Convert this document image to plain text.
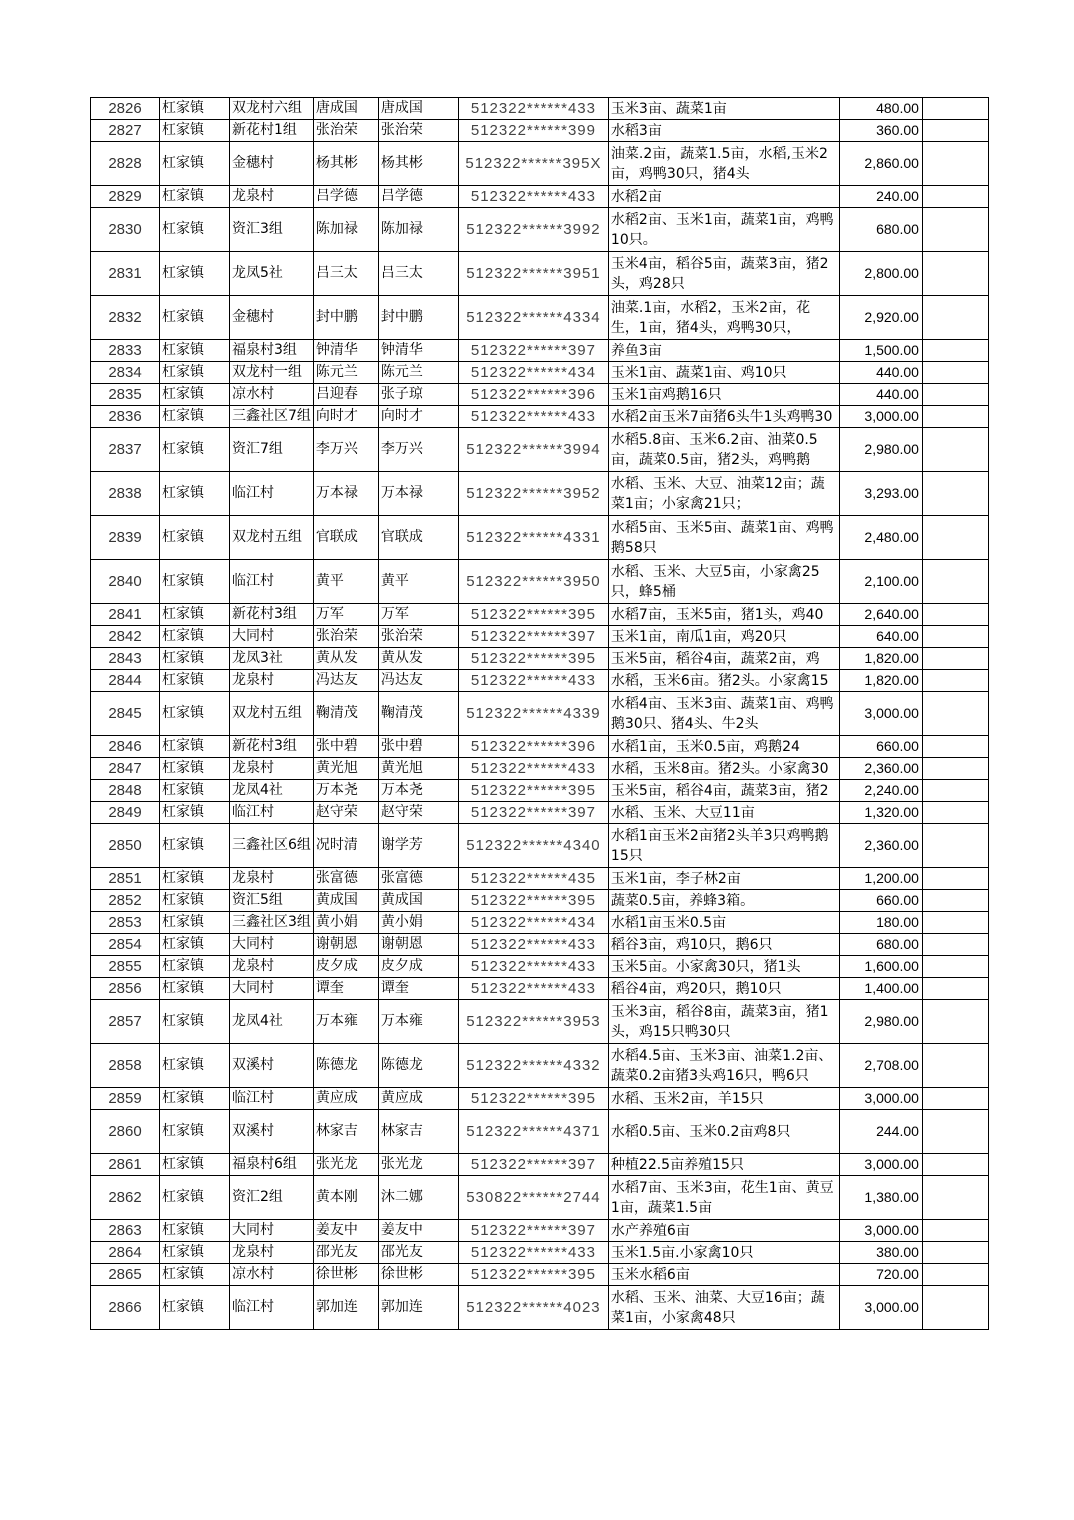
2826	杠家镇	双龙村六组	唐成国	唐成国	512322******433	玉米3亩、蔬菜1亩	480.00	
2827	杠家镇	新花村1组	张治荣	张治荣	512322******399	水稻3亩	360.00	
2828	杠家镇	金穗村	杨其彬	杨其彬	512322******395X	油菜.2亩，蔬菜1.5亩，水稻,玉米2亩，鸡鸭30只，猪4头	2,860.00	
2829	杠家镇	龙泉村	吕学德	吕学德	512322******433	水稻2亩	240.00	
2830	杠家镇	资汇3组	陈加禄	陈加禄	512322******3992	水稻2亩、玉米1亩，蔬菜1亩，鸡鸭10只。	680.00	
2831	杠家镇	龙凤5社	吕三太	吕三太	512322******3951	玉米4亩，稻谷5亩，蔬菜3亩，猪2头，鸡28只	2,800.00	
2832	杠家镇	金穗村	封中鹏	封中鹏	512322******4334	油菜.1亩，水稻2，玉米2亩，花生，1亩，猪4头，鸡鸭30只，	2,920.00	
2833	杠家镇	福泉村3组	钟清华	钟清华	512322******397	养鱼3亩	1,500.00	
2834	杠家镇	双龙村一组	陈元兰	陈元兰	512322******434	玉米1亩、蔬菜1亩、鸡10只	440.00	
2835	杠家镇	凉水村	吕迎春	张子琼	512322******396	玉米1亩鸡鹅16只	440.00	
2836	杠家镇	三鑫社区7组	向时才	向时才	512322******433	水稻2亩玉米7亩猪6头牛1头鸡鸭30	3,000.00	
2837	杠家镇	资汇7组	李万兴	李万兴	512322******3994	水稻5.8亩、玉米6.2亩、油菜0.5亩，蔬菜0.5亩，猪2头，鸡鸭鹅	2,980.00	
2838	杠家镇	临江村	万本禄	万本禄	512322******3952	水稻、玉米、大豆、油菜12亩；蔬菜1亩；小家禽21只；	3,293.00	
2839	杠家镇	双龙村五组	官联成	官联成	512322******4331	水稻5亩、玉米5亩、蔬菜1亩、鸡鸭鹅58只	2,480.00	
2840	杠家镇	临江村	黄平	黄平	512322******3950	水稻、玉米、大豆5亩，小家禽25只，蜂5桶	2,100.00	
2841	杠家镇	新花村3组	万军	万军	512322******395	水稻7亩，玉米5亩，猪1头，鸡40	2,640.00	
2842	杠家镇	大同村	张治荣	张治荣	512322******397	玉米1亩，南瓜1亩，鸡20只	640.00	
2843	杠家镇	龙凤3社	黄从发	黄从发	512322******395	玉米5亩，稻谷4亩，蔬菜2亩，鸡	1,820.00	
2844	杠家镇	龙泉村	冯达友	冯达友	512322******433	水稻，玉米6亩。猪2头。小家禽15	1,820.00	
2845	杠家镇	双龙村五组	鞠清茂	鞠清茂	512322******4339	水稻4亩、玉米3亩、蔬菜1亩、鸡鸭鹅30只、猪4头、牛2头	3,000.00	
2846	杠家镇	新花村3组	张中碧	张中碧	512322******396	水稻1亩，玉米0.5亩，鸡鹅24	660.00	
2847	杠家镇	龙泉村	黄光旭	黄光旭	512322******433	水稻，玉米8亩。猪2头。小家禽30	2,360.00	
2848	杠家镇	龙凤4社	万本尧	万本尧	512322******395	玉米5亩，稻谷4亩，蔬菜3亩，猪2	2,240.00	
2849	杠家镇	临江村	赵守荣	赵守荣	512322******397	水稻、玉米、大豆11亩	1,320.00	
2850	杠家镇	三鑫社区6组	况时清	谢学芳	512322******4340	水稻1亩玉米2亩猪2头羊3只鸡鸭鹅15只	2,360.00	
2851	杠家镇	龙泉村	张富德	张富德	512322******435	玉米1亩，李子林2亩	1,200.00	
2852	杠家镇	资汇5组	黄成国	黄成国	512322******395	蔬菜0.5亩，养蜂3箱。	660.00	
2853	杠家镇	三鑫社区3组	黄小娟	黄小娟	512322******434	水稻1亩玉米0.5亩	180.00	
2854	杠家镇	大同村	谢朝恩	谢朝恩	512322******433	稻谷3亩，鸡10只，鹅6只	680.00	
2855	杠家镇	龙泉村	皮夕成	皮夕成	512322******433	玉米5亩。小家禽30只，猪1头	1,600.00	
2856	杠家镇	大同村	谭奎	谭奎	512322******433	稻谷4亩，鸡20只，鹅10只	1,400.00	
2857	杠家镇	龙凤4社	万本雍	万本雍	512322******3953	玉米3亩，稻谷8亩，蔬菜3亩，猪1头，鸡15只鸭30只	2,980.00	
2858	杠家镇	双溪村	陈德龙	陈德龙	512322******4332	水稻4.5亩、玉米3亩、油菜1.2亩、蔬菜0.2亩猪3头鸡16只，鸭6只	2,708.00	
2859	杠家镇	临江村	黄应成	黄应成	512322******395	水稻、玉米2亩，羊15只	3,000.00	
2860	杠家镇	双溪村	林家吉	林家吉	512322******4371	水稻0.5亩、玉米0.2亩鸡8只	244.00	
2861	杠家镇	福泉村6组	张光龙	张光龙	512322******397	种植22.5亩养殖15只	3,000.00	
2862	杠家镇	资汇2组	黄本刚	沐二娜	530822******2744	水稻7亩、玉米3亩，花生1亩、黄豆1亩，蔬菜1.5亩	1,380.00	
2863	杠家镇	大同村	姜友中	姜友中	512322******397	水产养殖6亩	3,000.00	
2864	杠家镇	龙泉村	邵光友	邵光友	512322******433	玉米1.5亩.小家禽10只	380.00	
2865	杠家镇	凉水村	徐世彬	徐世彬	512322******395	玉米水稻6亩	720.00	
2866	杠家镇	临江村	郭加连	郭加连	512322******4023	水稻、玉米、油菜、大豆16亩；蔬菜1亩，小家禽48只	3,000.00	
